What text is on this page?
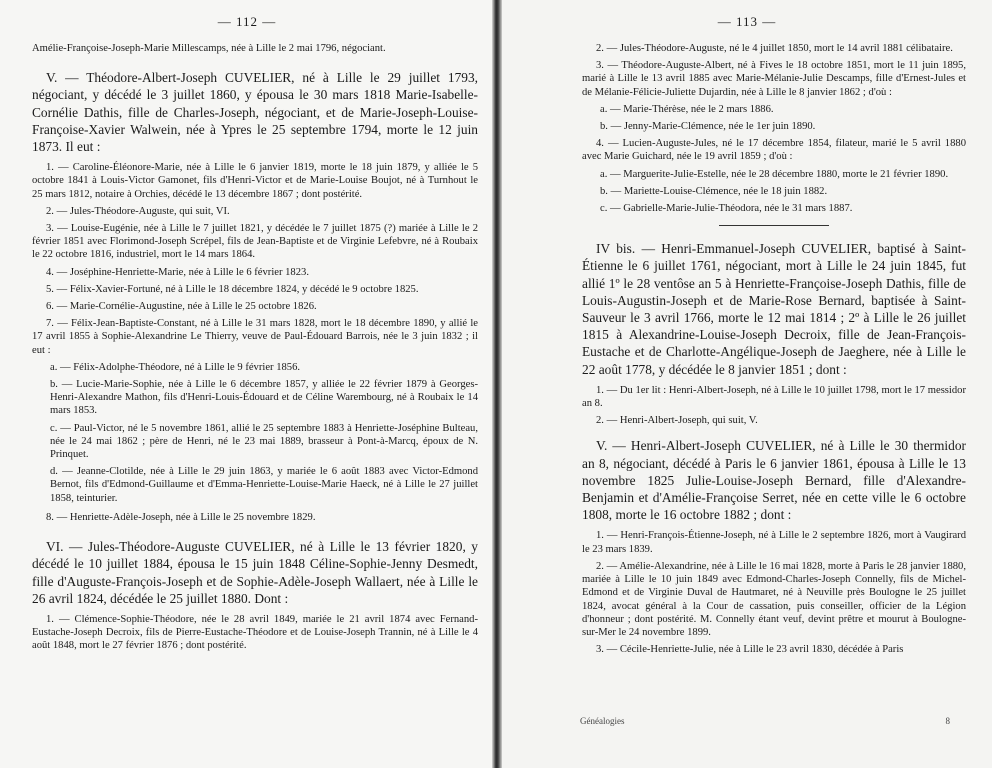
— 112 —

Amélie-Françoise-Joseph-Marie Millescamps, née à Lille le 2 mai 1796, négociant.

V. — Théodore-Albert-Joseph CUVELIER, né à Lille le 29 juillet 1793, négociant, y décédé le 3 juillet 1860, y épousa le 30 mars 1818 Marie-Isabelle-Cornélie Dathis, fille de Charles-Joseph, négociant, et de Marie-Joseph-Louise-Françoise-Xavier Walwein, née à Ypres le 25 septembre 1794, morte le 12 juin 1873. Il eut :

1. — Caroline-Éléonore-Marie, née à Lille le 6 janvier 1819, morte le 18 juin 1879, y alliée le 5 octobre 1841 à Louis-Victor Gamonet, fils d'Henri-Victor et de Marie-Louise Boujot, né à Turnhout le 25 mars 1812, notaire à Orchies, décédé le 13 décembre 1867 ; dont postérité.

2. — Jules-Théodore-Auguste, qui suit, VI.

3. — Louise-Eugénie, née à Lille le 7 juillet 1821, y décédée le 7 juillet 1875 (?) mariée à Lille le 2 février 1851 avec Florimond-Joseph Scrépel, fils de Jean-Baptiste et de Virginie Lefebvre, né à Roubaix le 22 octobre 1816, industriel, mort le 14 mars 1864.

4. — Joséphine-Henriette-Marie, née à Lille le 6 février 1823.

5. — Félix-Xavier-Fortuné, né à Lille le 18 décembre 1824, y décédé le 9 octobre 1825.

6. — Marie-Cornélie-Augustine, née à Lille le 25 octobre 1826.

7. — Félix-Jean-Baptiste-Constant, né à Lille le 31 mars 1828, mort le 18 décembre 1890, y allié le 17 avril 1855 à Sophie-Alexandrine Le Thierry, veuve de Paul-Édouard Barrois, née le 3 juin 1832 ; il eut :

a. — Félix-Adolphe-Théodore, né à Lille le 9 février 1856.

b. — Lucie-Marie-Sophie, née à Lille le 6 décembre 1857, y alliée le 22 février 1879 à Georges-Henri-Alexandre Mathon, fils d'Henri-Louis-Édouard et de Céline Warembourg, né à Roubaix le 14 mars 1853.

c. — Paul-Victor, né le 5 novembre 1861, allié le 25 septembre 1883 à Henriette-Joséphine Bulteau, née le 24 mai 1862 ; père de Henri, né le 23 mai 1889, brasseur à Pont-à-Marcq, époux de N. Prinquet.

d. — Jeanne-Clotilde, née à Lille le 29 juin 1863, y mariée le 6 août 1883 avec Victor-Edmond Bernot, fils d'Edmond-Guillaume et d'Emma-Henriette-Louise-Marie Haeck, né à Lille le 27 juillet 1858, teinturier.

8. — Henriette-Adèle-Joseph, née à Lille le 25 novembre 1829.

VI. — Jules-Théodore-Auguste CUVELIER, né à Lille le 13 février 1820, y décédé le 10 juillet 1884, épousa le 15 juin 1848 Céline-Sophie-Jenny Desmedt, fille d'Auguste-François-Joseph et de Sophie-Adèle-Joseph Wallaert, née à Lille le 26 avril 1824, décédée le 25 juillet 1880. Dont :

1. — Clémence-Sophie-Théodore, née le 28 avril 1849, mariée le 21 avril 1874 avec Fernand-Eustache-Joseph Decroix, fils de Pierre-Eustache-Théodore et de Louise-Joseph Trannin, né à Lille le 4 août 1848, mort le 27 février 1876 ; dont postérité.

— 113 —

2. — Jules-Théodore-Auguste, né le 4 juillet 1850, mort le 14 avril 1881 célibataire.

3. — Théodore-Auguste-Albert, né à Fives le 18 octobre 1851, mort le 11 juin 1895, marié à Lille le 13 avril 1885 avec Marie-Mélanie-Julie Descamps, fille d'Ernest-Jules et de Mélanie-Félicie-Juliette Dujardin, née à Lille le 8 janvier 1862 ; d'où :

a. — Marie-Thérèse, née le 2 mars 1886.

b. — Jenny-Marie-Clémence, née le 1er juin 1890.

4. — Lucien-Auguste-Jules, né le 17 décembre 1854, filateur, marié le 5 avril 1880 avec Marie Guichard, née le 19 avril 1859 ; d'où :

a. — Marguerite-Julie-Estelle, née le 28 décembre 1880, morte le 21 février 1890.

b. — Mariette-Louise-Clémence, née le 18 juin 1882.

c. — Gabrielle-Marie-Julie-Théodora, née le 31 mars 1887.

IV bis. — Henri-Emmanuel-Joseph CUVELIER, baptisé à Saint-Étienne le 6 juillet 1761, négociant, mort à Lille le 24 juin 1845, fut allié 1º le 28 ventôse an 5 à Henriette-Françoise-Joseph Dathis, fille de Louis-Augustin-Joseph et de Marie-Rose Bernard, baptisée à Saint-Sauveur le 3 avril 1766, morte le 12 mai 1814 ; 2º à Lille le 26 juillet 1815 à Alexandrine-Louise-Joseph Decroix, fille de Jean-François-Eustache et de Charlotte-Angélique-Joseph de Jaeghere, née à Lille le 22 août 1778, y décédée le 8 janvier 1851 ; dont :

1. — Du 1er lit : Henri-Albert-Joseph, né à Lille le 10 juillet 1798, mort le 17 messidor an 8.

2. — Henri-Albert-Joseph, qui suit, V.

V. — Henri-Albert-Joseph CUVELIER, né à Lille le 30 thermidor an 8, négociant, décédé à Paris le 6 janvier 1861, épousa à Lille le 13 novembre 1825 Julie-Louise-Joseph Bernard, fille d'Alexandre-Benjamin et d'Amélie-Françoise Serret, née en cette ville le 6 octobre 1808, morte le 16 octobre 1882 ; dont :

1. — Henri-François-Étienne-Joseph, né à Lille le 2 septembre 1826, mort à Vaugirard le 23 mars 1839.

2. — Amélie-Alexandrine, née à Lille le 16 mai 1828, morte à Paris le 28 janvier 1880, mariée à Lille le 10 juin 1849 avec Edmond-Charles-Joseph Connelly, fils de Michel-Edmond et de Virginie Duval de Hautmaret, né à Neuville près Boulogne le 25 juillet 1824, avocat général à la Cour de cassation, puis conseiller, officier de la Légion d'honneur ; dont postérité. M. Connelly étant veuf, devint prêtre et mourut à Boulogne-sur-Mer le 24 novembre 1899.

3. — Cécile-Henriette-Julie, née à Lille le 23 avril 1830, décédée à Paris

Généalogies	8
